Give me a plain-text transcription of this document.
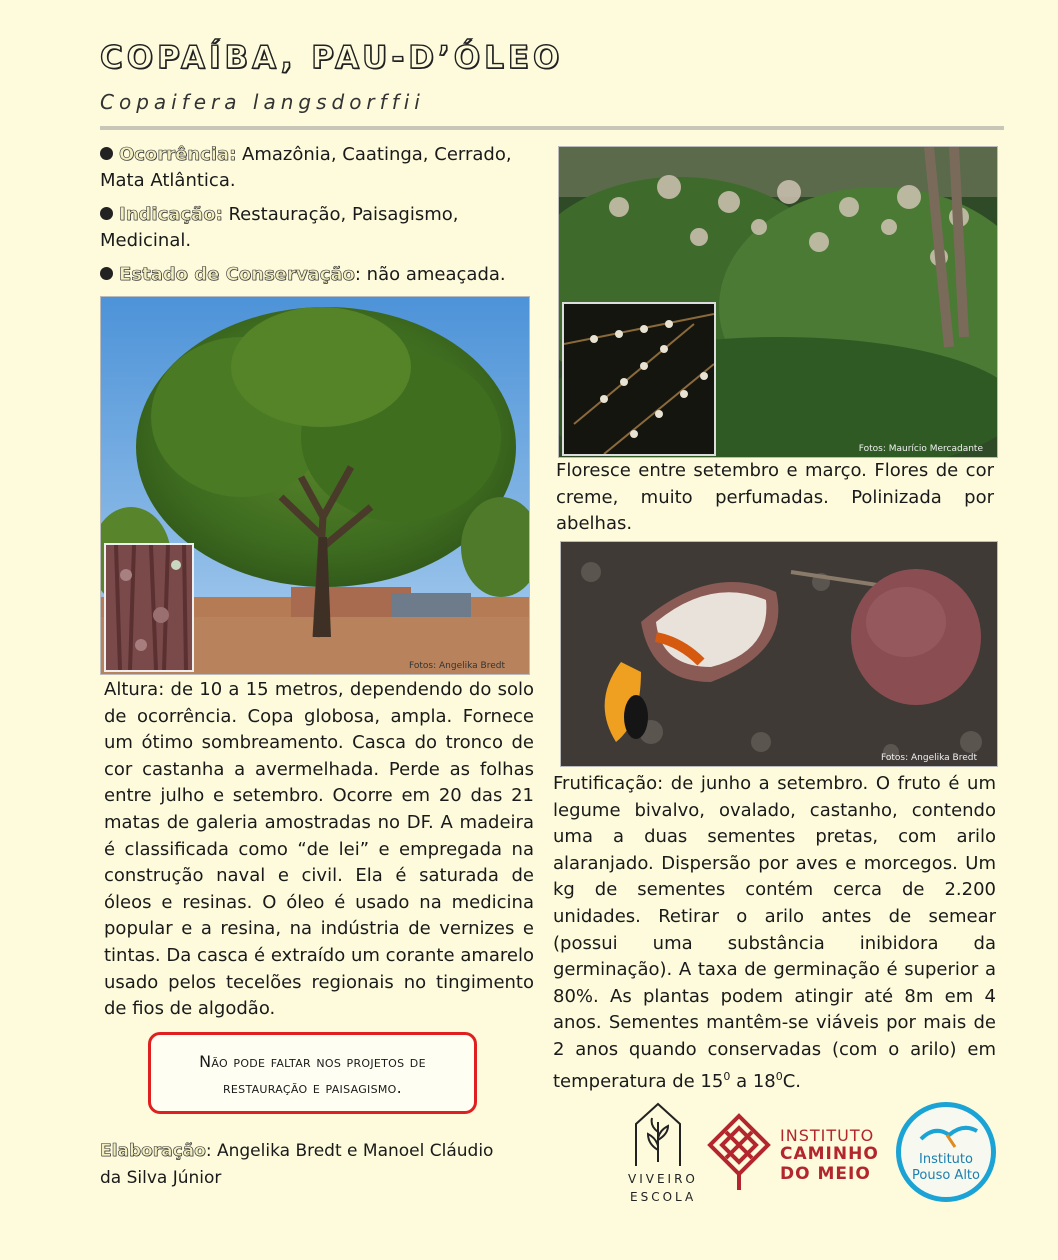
COPAÍBA, PAU-D’ÓLEO
Copaifera langsdorffii

Ocorrência: Amazônia, Caatinga, Cerrado, Mata Atlântica.

Indicação: Restauração, Paisagismo, Medicinal.

Estado de Conservação: não ameaçada.

Fotos: Angelika Bredt
Fotos: Maurício Mercadante
Floresce entre setembro e março. Flores de cor creme, muito perfumadas. Polinizada por abelhas.
Fotos: Angelika Bredt
Altura: de 10 a 15 metros, dependendo do solo de ocorrência. Copa globosa, ampla. Fornece um ótimo sombreamento. Casca do tronco de cor castanha a avermelhada. Perde as folhas entre julho e setembro. Ocorre em 20 das 21 matas de galeria amostradas no DF. A madeira é classificada como “de lei” e empregada na construção naval e civil. Ela é saturada de óleos e resinas. O óleo é usado na medicina popular e a resina, na indústria de vernizes e tintas. Da casca é extraído um corante amarelo usado pelos tecelões regionais no tingimento de fios de algodão.
Frutificação: de junho a setembro. O fruto é um legume bivalvo, ovalado, castanho, contendo uma a duas sementes pretas, com arilo alaranjado. Dispersão por aves e morcegos. Um kg de sementes contém cerca de 2.200 unidades. Retirar o arilo antes de semear (possui uma substância inibidora da germinação). A taxa de germinação é superior a 80%. As plantas podem atingir até 8m em 4 anos. Sementes mantêm-se viáveis por mais de 2 anos quando conservadas (com o arilo) em temperatura de $15^0$ a $18^0C$.
Não pode faltar nos projetos de
restauração e paisagismo.
Elaboração: Angelika Bredt e Manoel Cláudio da Silva Júnior	VIVEIRO
ESCOLA
INSTITUTO
CAMINHO
DO MEIO
Instituto
Pouso Alto
